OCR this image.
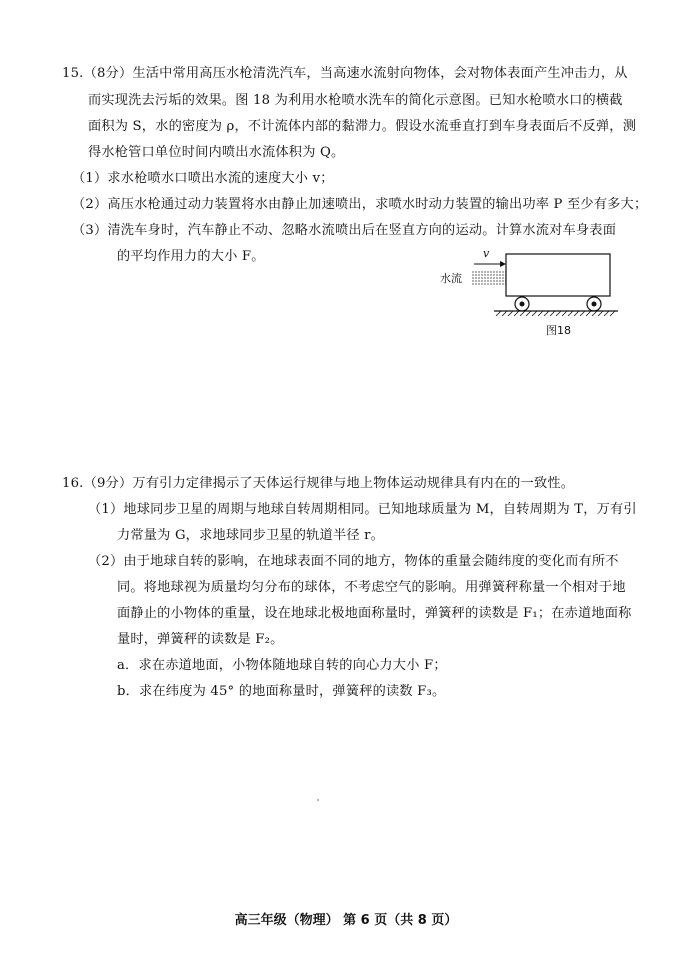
15.（8分）生活中常用高压水枪清洗汽车，当高速水流射向物体，会对物体表面产生冲击力，从
而实现洗去污垢的效果。图 18 为利用水枪喷水洗车的简化示意图。已知水枪喷水口的横截
面积为 S，水的密度为 ρ，不计流体内部的黏滞力。假设水流垂直打到车身表面后不反弹，测
得水枪管口单位时间内喷出水流体积为 Q。
（1）求水枪喷水口喷出水流的速度大小 v；
（2）高压水枪通过动力装置将水由静止加速喷出，求喷水时动力装置的输出功率 P 至少有多大；
（3）清洗车身时，汽车静止不动、忽略水流喷出后在竖直方向的运动。计算水流对车身表面
的平均作用力的大小 F。	v
水流
图18
16.（9分）万有引力定律揭示了天体运行规律与地上物体运动规律具有内在的一致性。
（1）地球同步卫星的周期与地球自转周期相同。已知地球质量为 M，自转周期为 T，万有引
力常量为 G，求地球同步卫星的轨道半径 r。
（2）由于地球自转的影响，在地球表面不同的地方，物体的重量会随纬度的变化而有所不
同。将地球视为质量均匀分布的球体，不考虑空气的影响。用弹簧秤称量一个相对于地
面静止的小物体的重量，设在地球北极地面称量时，弹簧秤的读数是 F₁；在赤道地面称
量时，弹簧秤的读数是 F₂。
a．求在赤道地面，小物体随地球自转的向心力大小 F；
b．求在纬度为 45° 的地面称量时，弹簧秤的读数 F₃。
高三年级（物理） 第 6 页（共 8 页）
